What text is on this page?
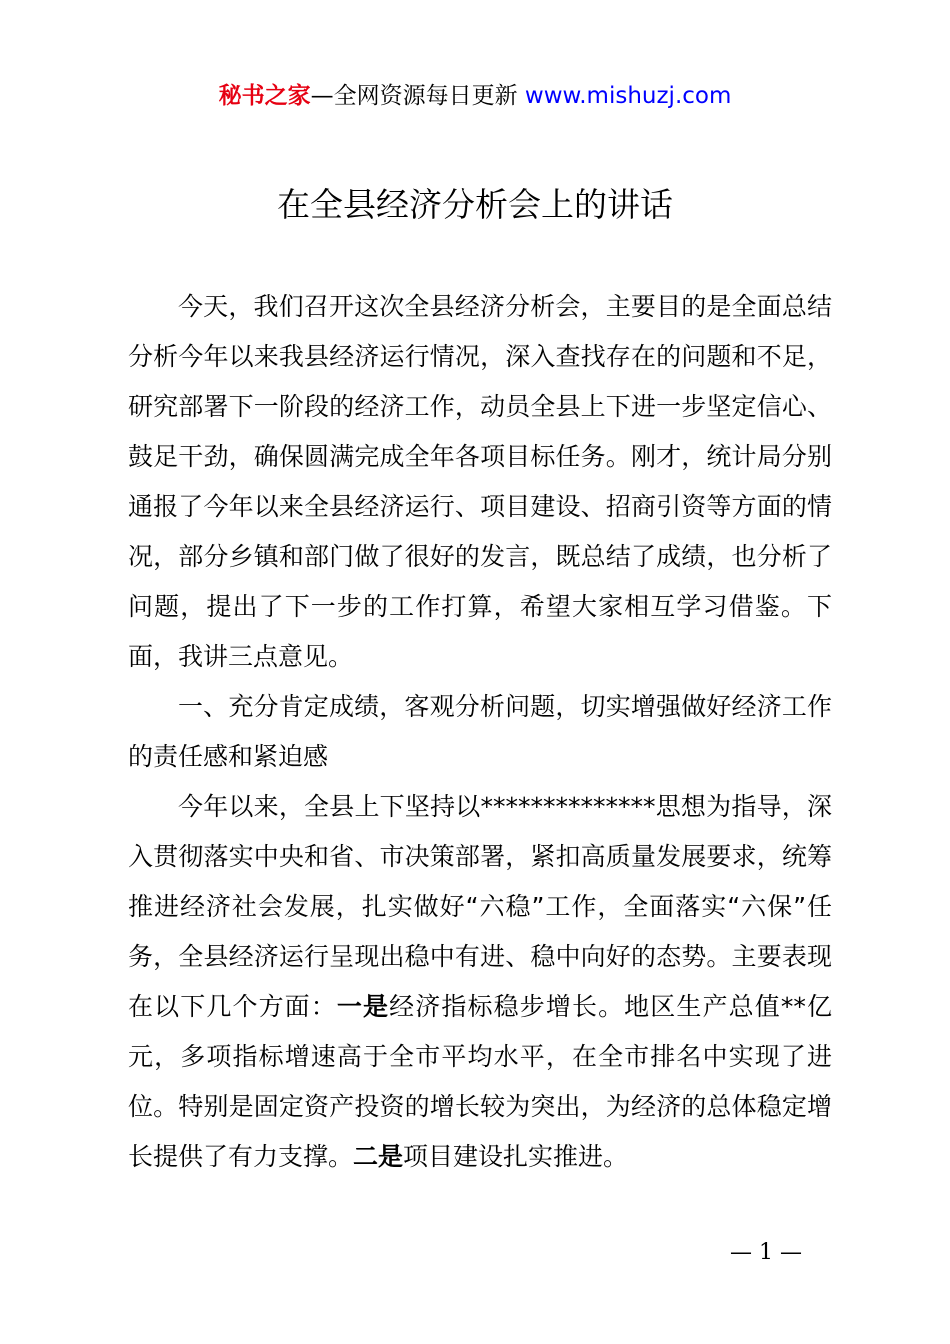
秘书之家—全网资源每日更新 www.mishuzj.com
在全县经济分析会上的讲话

今天，我们召开这次全县经济分析会，主要目的是全面总结分析今年以来我县经济运行情况，深入查找存在的问题和不足，研究部署下一阶段的经济工作，动员全县上下进一步坚定信心、鼓足干劲，确保圆满完成全年各项目标任务。刚才，统计局分别通报了今年以来全县经济运行、项目建设、招商引资等方面的情况，部分乡镇和部门做了很好的发言，既总结了成绩，也分析了问题，提出了下一步的工作打算，希望大家相互学习借鉴。下面，我讲三点意见。

一、充分肯定成绩，客观分析问题，切实增强做好经济工作的责任感和紧迫感

今年以来，全县上下坚持以**************思想为指导，深入贯彻落实中央和省、市决策部署，紧扣高质量发展要求，统筹推进经济社会发展，扎实做好“六稳”工作，全面落实“六保”任务，全县经济运行呈现出稳中有进、稳中向好的态势。主要表现在以下几个方面：一是经济指标稳步增长。地区生产总值**亿元，多项指标增速高于全市平均水平，在全市排名中实现了进位。特别是固定资产投资的增长较为突出，为经济的总体稳定增长提供了有力支撑。二是项目建设扎实推进。

— 1 —
